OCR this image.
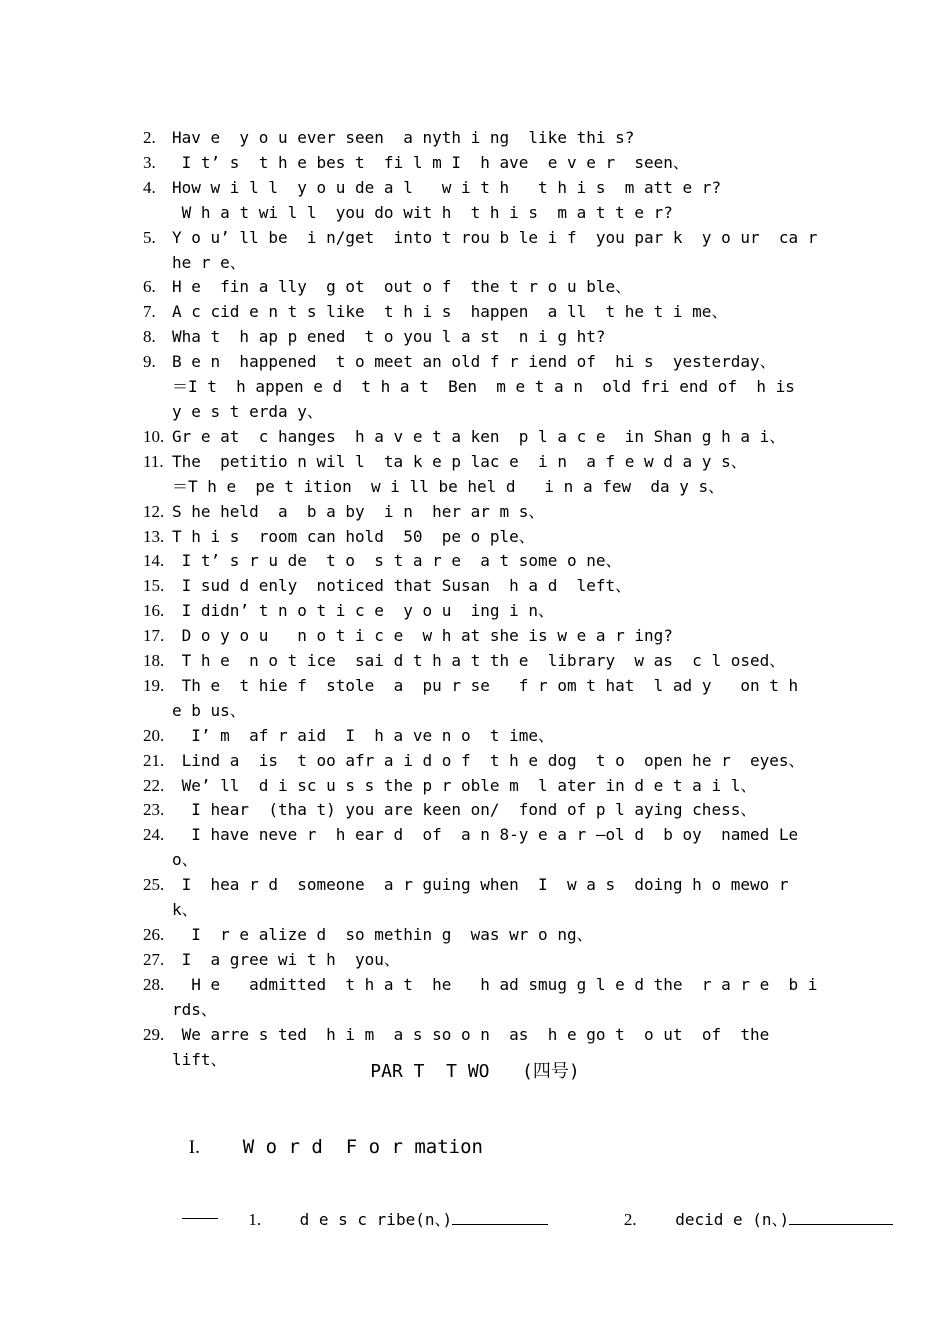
2.	Hav e  y o u ever seen  a nyth i ng  like thi s?
3.	I t’ s  t h e bes t  fi l m I  h ave  e v e r  seen、
4.	How w i l l  y o u de a l   w i t h   t h i s  m att e r?
W h a t wi l l  you do wit h  t h i s  m a t t e r?
5.	Y o u’ ll be  i n/get  into t rou b le i f  you par k  y o ur  ca r
he r e、
6.	H e  fin a lly  g ot  out o f  the t r o u ble、
7.	A c cid e n t s like  t h i s  happen  a ll  t he t i me、
8.	Wha t  h ap p ened  t o you l a st  n i g ht?
9.	B e n  happened  t o meet an old f r iend of  hi s  yesterday、
＝I t  h appen e d  t h a t  Ben  m e t a n  old fri end of  h is
y e s t erda y、
10. Gr e at  c hanges  h a v e t a ken  p l a c e  in Shan g h a i、
11. The  petitio n wil l  ta k e p lac e  i n  a f e w d a y s、
＝T h e  pe t ition  w i ll be hel d   i n a few  da y s、
12. S he held  a  b a by  i n  her ar m s、
13. T h i s  room can hold  50  pe o ple、
14. I t’ s r u de  t o  s t a r e  a t some o ne、
15. I sud d enly  noticed that Susan  h a d  left、
16. I didn’ t n o t i c e  y o u  ing i n、
17. D o y o u   n o t i c e  w h at she is w e a r ing?
18. T h e  n o t ice  sai d t h a t th e  library  w as  c l osed、
19. Th e  t hie f  stole  a  pu r se   f r om t hat  l ad y   on t h
e b us、
20. I’ m  af r aid  I  h a ve n o  t ime、
21. Lind a  is  t oo afr a i d o f  t h e dog  t o  open he r  eyes、
22. We’ ll  d i sc u s s the p r oble m  l ater in d e t a i l、
23. I hear  (tha t) you are keen on/  fond of p l aying chess、
24. I have neve r  h ear d  of  a n 8-y e a r —ol d  b oy  named Le
o、
25. I  hea r d  someone  a r guing when  I  w a s  doing h o mewo r k、
26. I  r e alize d  so methin g  was wr o ng、
27. I  a gree wi t h  you、
28. H e   admitted  t h a t  he   h ad smug g l e d the  r a r e  b i
rds、
29. We arre s ted  h i m  a s so o n  as  h e go t  o ut  of  the
lift、
PAR T  T WO   (四号)

I. W o r d  F o r mation

1. d e s c ribe(n、)
	2. decid e (n、)
